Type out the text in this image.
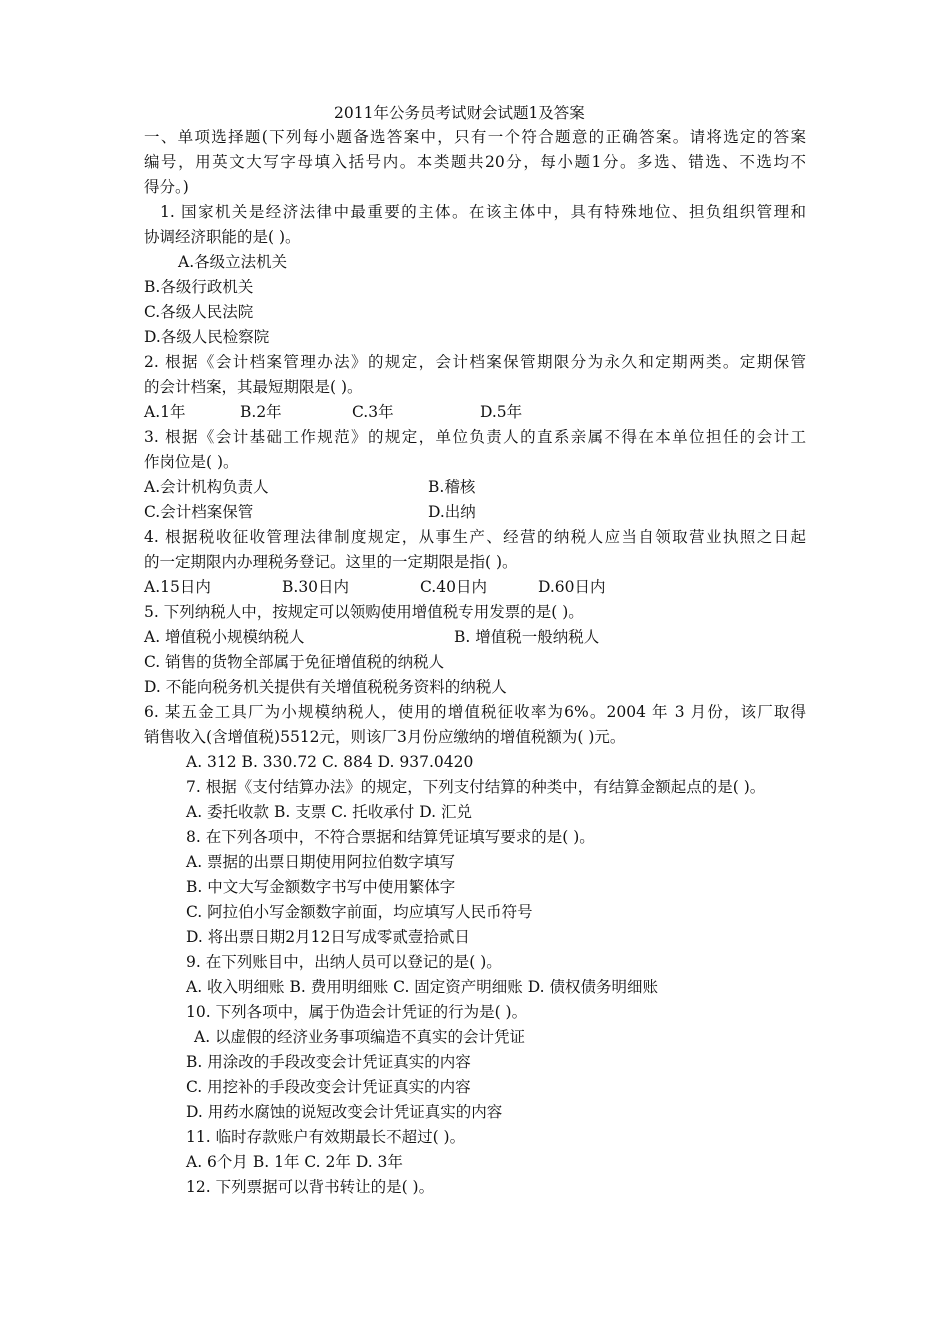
2011年公务员考试财会试题1及答案
一、单项选择题(下列每小题备选答案中，只有一个符合题意的正确答案。请将选定的答案
编号，用英文大写字母填入括号内。本类题共20分，每小题1分。多选、错选、不选均不
得分。)
1. 国家机关是经济法律中最重要的主体。在该主体中，具有特殊地位、担负组织管理和
协调经济职能的是( )。
A.各级立法机关
B.各级行政机关
C.各级人民法院
D.各级人民检察院
2. 根据《会计档案管理办法》的规定，会计档案保管期限分为永久和定期两类。定期保管
的会计档案，其最短期限是( )。
A.1年	B.2年	C.3年	D.5年
3. 根据《会计基础工作规范》的规定，单位负责人的直系亲属不得在本单位担任的会计工
作岗位是( )。
A.会计机构负责人	B.稽核
C.会计档案保管	D.出纳
4. 根据税收征收管理法律制度规定，从事生产、经营的纳税人应当自领取营业执照之日起
的一定期限内办理税务登记。这里的一定期限是指( )。
A.15日内	B.30日内	C.40日内	D.60日内
5. 下列纳税人中，按规定可以领购使用增值税专用发票的是( )。
A. 增值税小规模纳税人	B. 增值税一般纳税人
C. 销售的货物全部属于免征增值税的纳税人
D. 不能向税务机关提供有关增值税税务资料的纳税人
6. 某五金工具厂为小规模纳税人，使用的增值税征收率为6%。2004 年 3 月份，该厂取得
销售收入(含增值税)5512元，则该厂3月份应缴纳的增值税额为( )元。
A. 312 B. 330.72 C. 884 D. 937.0420
7. 根据《支付结算办法》的规定，下列支付结算的种类中，有结算金额起点的是( )。
A. 委托收款 B. 支票 C. 托收承付 D. 汇兑
8. 在下列各项中，不符合票据和结算凭证填写要求的是( )。
A. 票据的出票日期使用阿拉伯数字填写
B. 中文大写金额数字书写中使用繁体字
C. 阿拉伯小写金额数字前面，均应填写人民币符号
D. 将出票日期2月12日写成零贰壹拾贰日
9. 在下列账目中，出纳人员可以登记的是( )。
A. 收入明细账 B. 费用明细账 C. 固定资产明细账 D. 债权债务明细账
10. 下列各项中，属于伪造会计凭证的行为是( )。
A. 以虚假的经济业务事项编造不真实的会计凭证
B. 用涂改的手段改变会计凭证真实的内容
C. 用挖补的手段改变会计凭证真实的内容
D. 用药水腐蚀的说短改变会计凭证真实的内容
11. 临时存款账户有效期最长不超过( )。
A. 6个月 B. 1年 C. 2年 D. 3年
12. 下列票据可以背书转让的是( )。
